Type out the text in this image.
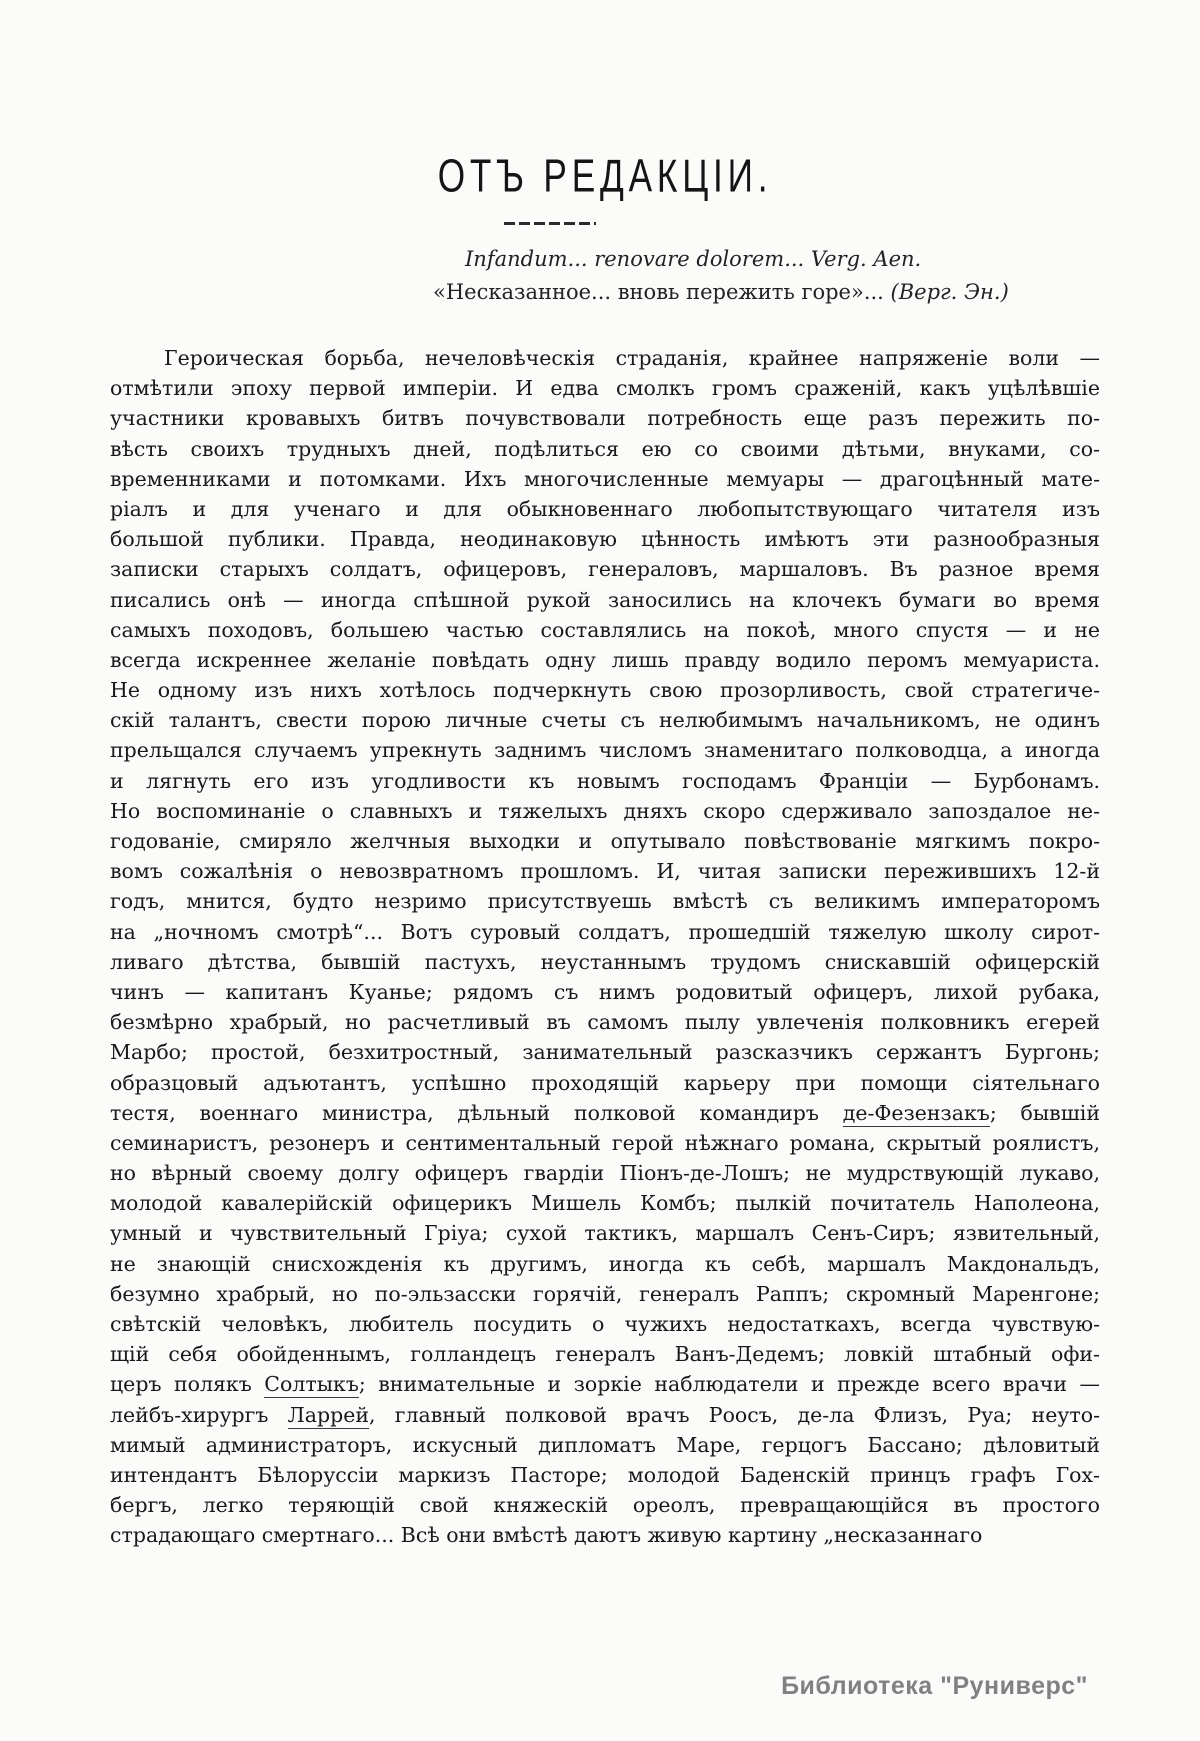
ОТЪ РЕДАКЦІИ.
Infandum... renovare dolorem... Verg. Aen.
«Несказанное... вновь пережить горе»... (Верг. Эн.)
Героическая борьба, нечеловѣческія страданія, крайнее напряженіе воли —
отмѣтили эпоху первой имперіи. И едва смолкъ громъ сраженій, какъ уцѣлѣвшіе
участники кровавыхъ битвъ почувствовали потребность еще разъ пережить по-
вѣсть своихъ трудныхъ дней, подѣлиться ею со своими дѣтьми, внуками, со-
временниками и потомками. Ихъ многочисленные мемуары — драгоцѣнный мате-
ріалъ и для ученаго и для обыкновеннаго любопытствующаго читателя изъ
большой публики. Правда, неодинаковую цѣнность имѣютъ эти разнообразныя
записки старыхъ солдатъ, офицеровъ, генераловъ, маршаловъ. Въ разное время
писались онѣ — иногда спѣшной рукой заносились на клочекъ бумаги во время
самыхъ походовъ, большею частью составлялись на покоѣ, много спустя — и не
всегда искреннее желаніе повѣдать одну лишь правду водило перомъ мемуариста.
Не одному изъ нихъ хотѣлось подчеркнуть свою прозорливость, свой стратегиче-
скій талантъ, свести порою личные счеты съ нелюбимымъ начальникомъ, не одинъ
прельщался случаемъ упрекнуть заднимъ числомъ знаменитаго полководца, а иногда
и лягнуть его изъ угодливости къ новымъ господамъ Франціи — Бурбонамъ.
Но воспоминаніе о славныхъ и тяжелыхъ дняхъ скоро сдерживало запоздалое не-
годованіе, смиряло желчныя выходки и опутывало повѣствованіе мягкимъ покро-
вомъ сожалѣнія о невозвратномъ прошломъ. И, читая записки пережившихъ 12-й
годъ, мнится, будто незримо присутствуешь вмѣстѣ съ великимъ императоромъ
на „ночномъ смотрѣ“... Вотъ суровый солдатъ, прошедшій тяжелую школу сирот-
ливаго дѣтства, бывшій пастухъ, неустаннымъ трудомъ снискавшій офицерскій
чинъ — капитанъ Куанье; рядомъ съ нимъ родовитый офицеръ, лихой рубака,
безмѣрно храбрый, но расчетливый въ самомъ пылу увлеченія полковникъ егерей
Марбо; простой, безхитростный, занимательный разсказчикъ сержантъ Бургонь;
образцовый адъютантъ, успѣшно проходящій карьеру при помощи сіятельнаго
тестя, военнаго министра, дѣльный полковой командиръ де-Фезензакъ; бывшій
семинаристъ, резонеръ и сентиментальный герой нѣжнаго романа, скрытый роялистъ,
но вѣрный своему долгу офицеръ гвардіи Піонъ-де-Лошъ; не мудрствующій лукаво,
молодой кавалерійскій офицерикъ Мишель Комбъ; пылкій почитатель Наполеона,
умный и чувствительный Гріуа; сухой тактикъ, маршалъ Сенъ-Сиръ; язвительный,
не знающій снисхожденія къ другимъ, иногда къ себѣ, маршалъ Макдональдъ,
безумно храбрый, но по-эльзасски горячій, генералъ Раппъ; скромный Маренгоне;
свѣтскій человѣкъ, любитель посудить о чужихъ недостаткахъ, всегда чувствую-
щій себя обойденнымъ, голландецъ генералъ Ванъ-Дедемъ; ловкій штабный офи-
церъ полякъ Солтыкъ; внимательные и зоркіе наблюдатели и прежде всего врачи —
лейбъ-хирургъ Ларрей, главный полковой врачъ Роосъ, де-ла Флизъ, Руа; неуто-
мимый администраторъ, искусный дипломатъ Маре, герцогъ Бассано; дѣловитый
интендантъ Бѣлоруссіи маркизъ Пасторе; молодой Баденскій принцъ графъ Гох-
бергъ, легко теряющій свой княжескій ореолъ, превращающійся въ простого
страдающаго смертнаго... Всѣ они вмѣстѣ даютъ живую картину „несказаннаго
Библиотека "Руниверс"
